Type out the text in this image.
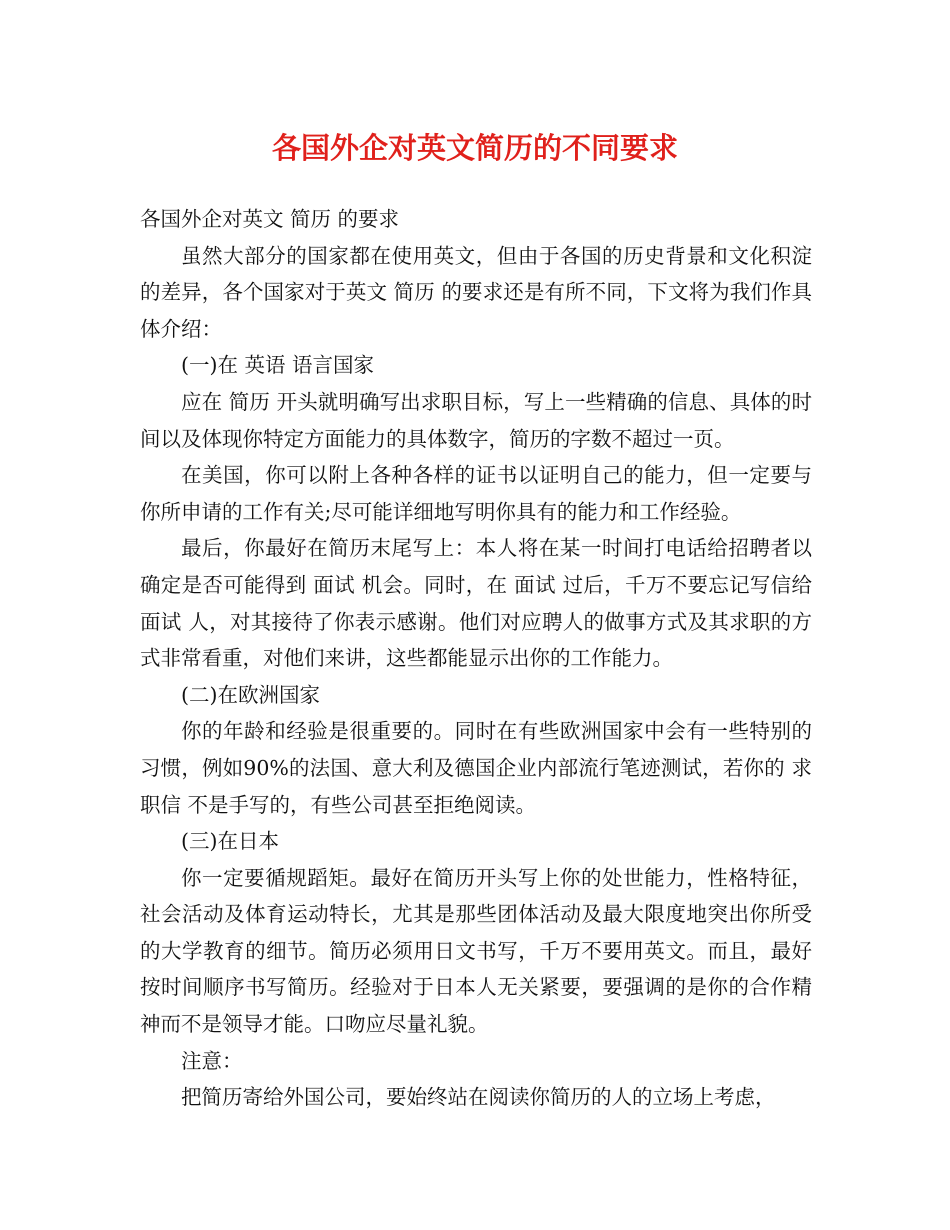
各国外企对英文简历的不同要求

各国外企对英文 简历 的要求

虽然大部分的国家都在使用英文，但由于各国的历史背景和文化积淀的差异，各个国家对于英文 简历 的要求还是有所不同，下文将为我们作具体介绍：

(一)在 英语 语言国家

应在 简历 开头就明确写出求职目标，写上一些精确的信息、具体的时间以及体现你特定方面能力的具体数字，简历的字数不超过一页。

在美国，你可以附上各种各样的证书以证明自己的能力，但一定要与你所申请的工作有关;尽可能详细地写明你具有的能力和工作经验。

最后，你最好在简历末尾写上：本人将在某一时间打电话给招聘者以确定是否可能得到 面试 机会。同时，在 面试 过后，千万不要忘记写信给 面试 人，对其接待了你表示感谢。他们对应聘人的做事方式及其求职的方式非常看重，对他们来讲，这些都能显示出你的工作能力。

(二)在欧洲国家

你的年龄和经验是很重要的。同时在有些欧洲国家中会有一些特别的习惯，例如90%的法国、意大利及德国企业内部流行笔迹测试，若你的 求职信 不是手写的，有些公司甚至拒绝阅读。

(三)在日本

你一定要循规蹈矩。最好在简历开头写上你的处世能力，性格特征，社会活动及体育运动特长，尤其是那些团体活动及最大限度地突出你所受的大学教育的细节。简历必须用日文书写，千万不要用英文。而且，最好按时间顺序书写简历。经验对于日本人无关紧要，要强调的是你的合作精神而不是领导才能。口吻应尽量礼貌。

注意：

把简历寄给外国公司，要始终站在阅读你简历的人的立场上考虑，
